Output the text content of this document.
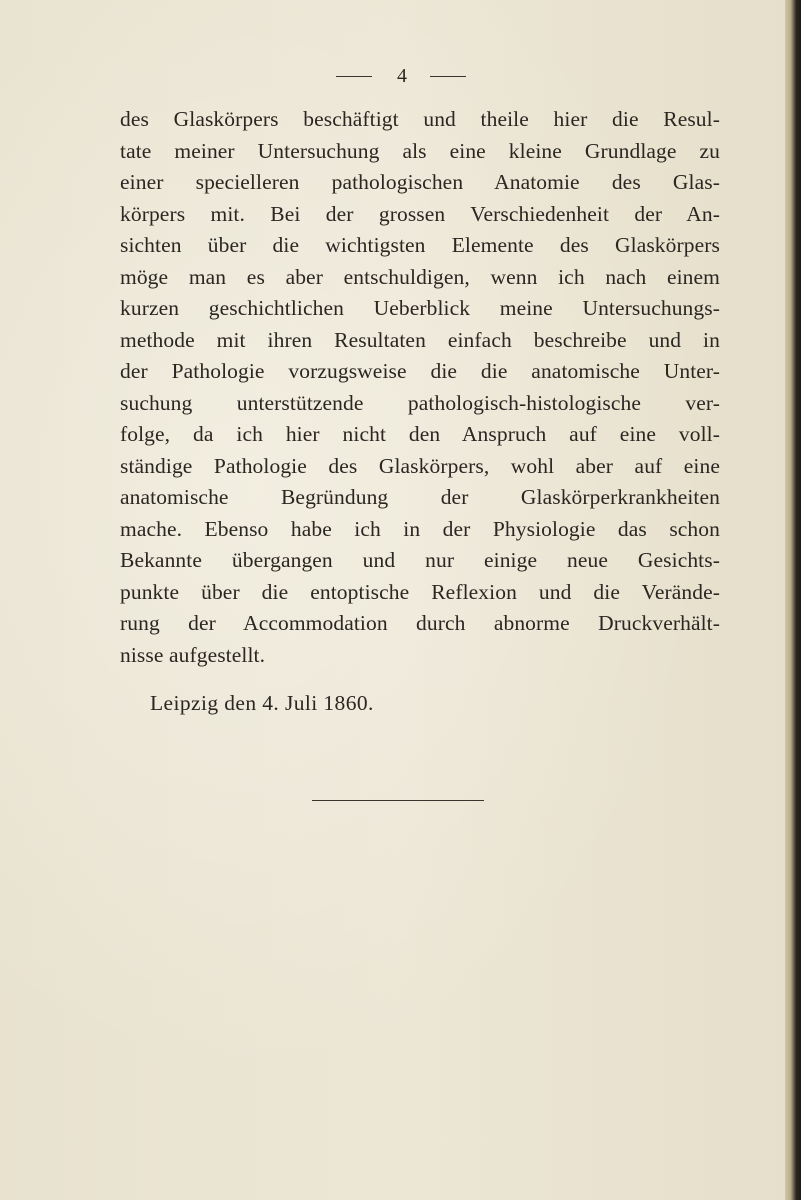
4
des Glaskörpers beschäftigt und theile hier die Resul-
tate meiner Untersuchung als eine kleine Grundlage zu
einer specielleren pathologischen Anatomie des Glas-
körpers mit. Bei der grossen Verschiedenheit der An-
sichten über die wichtigsten Elemente des Glaskörpers
möge man es aber entschuldigen, wenn ich nach einem
kurzen geschichtlichen Ueberblick meine Untersuchungs-
methode mit ihren Resultaten einfach beschreibe und in
der Pathologie vorzugsweise die die anatomische Unter-
suchung unterstützende pathologisch-histologische ver-
folge, da ich hier nicht den Anspruch auf eine voll-
ständige Pathologie des Glaskörpers, wohl aber auf eine
anatomische Begründung der Glaskörperkrankheiten
mache. Ebenso habe ich in der Physiologie das schon
Bekannte übergangen und nur einige neue Gesichts-
punkte über die entoptische Reflexion und die Verände-
rung der Accommodation durch abnorme Druckverhält-
nisse aufgestellt.
Leipzig den 4. Juli 1860.
